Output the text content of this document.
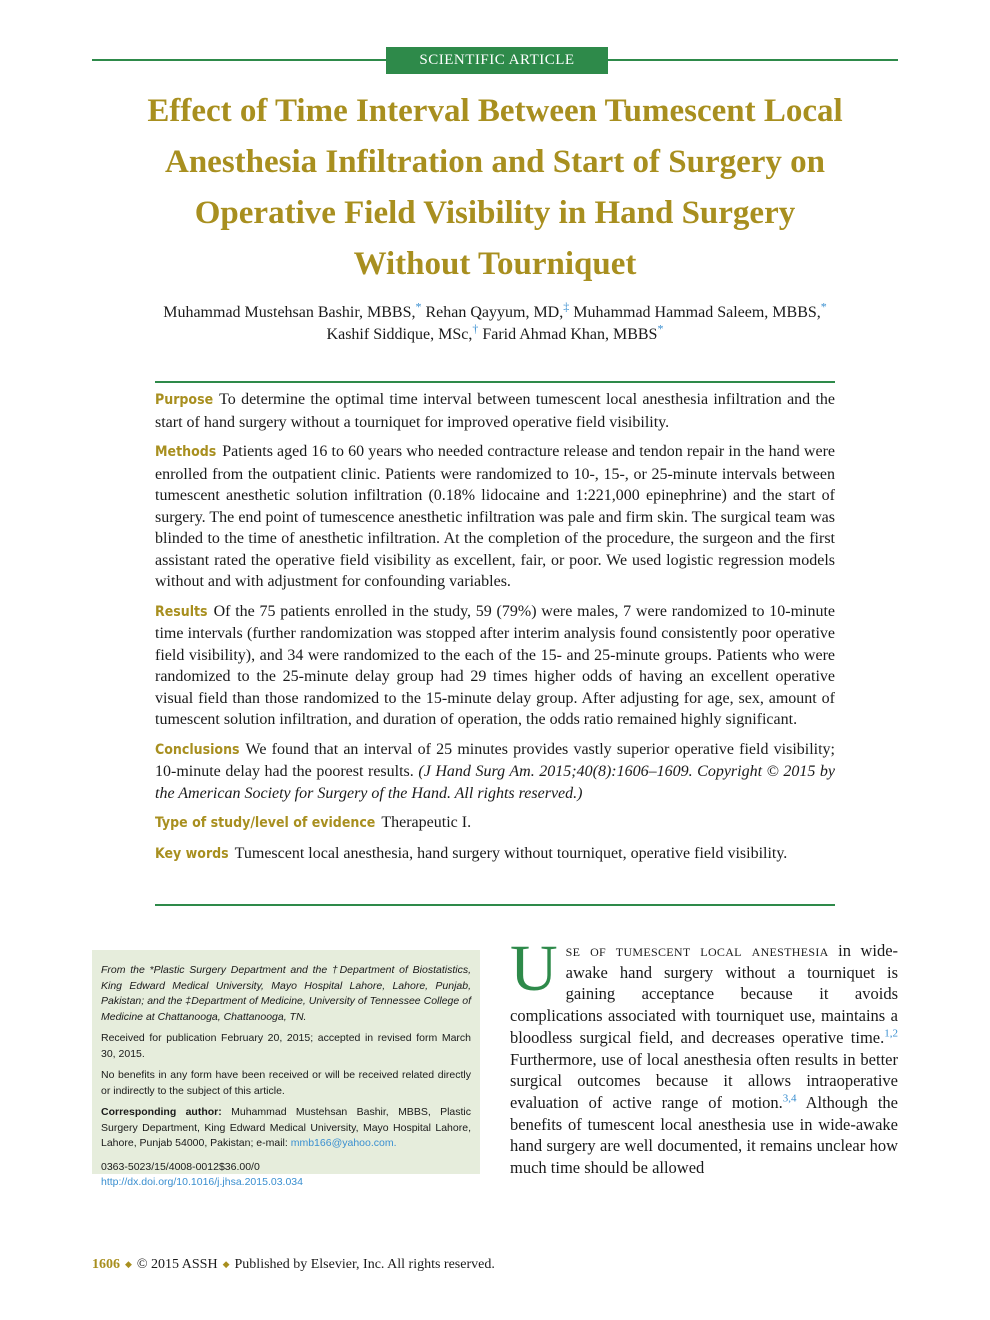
SCIENTIFIC ARTICLE
Effect of Time Interval Between Tumescent Local
Anesthesia Infiltration and Start of Surgery on
Operative Field Visibility in Hand Surgery
Without Tourniquet
Muhammad Mustehsan Bashir, MBBS,* Rehan Qayyum, MD,‡ Muhammad Hammad Saleem, MBBS,*
Kashif Siddique, MSc,† Farid Ahmad Khan, MBBS*

Purpose To determine the optimal time interval between tumescent local anesthesia infiltration and the start of hand surgery without a tourniquet for improved operative field visibility.

Methods Patients aged 16 to 60 years who needed contracture release and tendon repair in the hand were enrolled from the outpatient clinic. Patients were randomized to 10-, 15-, or 25-minute intervals between tumescent anesthetic solution infiltration (0.18% lidocaine and 1:221,000 epinephrine) and the start of surgery. The end point of tumescence anesthetic infiltration was pale and firm skin. The surgical team was blinded to the time of anesthetic infiltration. At the completion of the procedure, the surgeon and the first assistant rated the operative field visibility as excellent, fair, or poor. We used logistic regression models without and with adjustment for confounding variables.

Results Of the 75 patients enrolled in the study, 59 (79%) were males, 7 were randomized to 10-minute time intervals (further randomization was stopped after interim analysis found consistently poor operative field visibility), and 34 were randomized to the each of the 15- and 25-minute groups. Patients who were randomized to the 25-minute delay group had 29 times higher odds of having an excellent operative visual field than those randomized to the 15-minute delay group. After adjusting for age, sex, amount of tumescent solution infiltration, and duration of operation, the odds ratio remained highly significant.

Conclusions We found that an interval of 25 minutes provides vastly superior operative field visibility; 10-minute delay had the poorest results. (J Hand Surg Am. 2015;40(8):1606–1609. Copyright © 2015 by the American Society for Surgery of the Hand. All rights reserved.)

Type of study/level of evidence Therapeutic I.

Key words Tumescent local anesthesia, hand surgery without tourniquet, operative field visibility.

From the *Plastic Surgery Department and the †Department of Biostatistics, King Edward Medical University, Mayo Hospital Lahore, Lahore, Punjab, Pakistan; and the ‡Department of Medicine, University of Tennessee College of Medicine at Chattanooga, Chattanooga, TN.

Received for publication February 20, 2015; accepted in revised form March 30, 2015.

No benefits in any form have been received or will be received related directly or indirectly to the subject of this article.

Corresponding author: Muhammad Mustehsan Bashir, MBBS, Plastic Surgery Department, King Edward Medical University, Mayo Hospital Lahore, Lahore, Punjab 54000, Pakistan; e-mail: mmb166@yahoo.com.

0363-5023/15/4008-0012$36.00/0
http://dx.doi.org/10.1016/j.jhsa.2015.03.034
Use of tumescent local anesthesia in wide-awake hand surgery without a tourniquet is gaining acceptance because it avoids complications associated with tourniquet use, maintains a bloodless surgical field, and decreases operative time.$^{1,2}$ Furthermore, use of local anesthesia often results in better surgical outcomes because it allows intraoperative evaluation of active range of motion.$^{3,4}$ Although the benefits of tumescent local anesthesia use in wide-awake hand surgery are well documented, it remains unclear how much time should be allowed
1606 ◆ © 2015 ASSH ◆ Published by Elsevier, Inc. All rights reserved.
